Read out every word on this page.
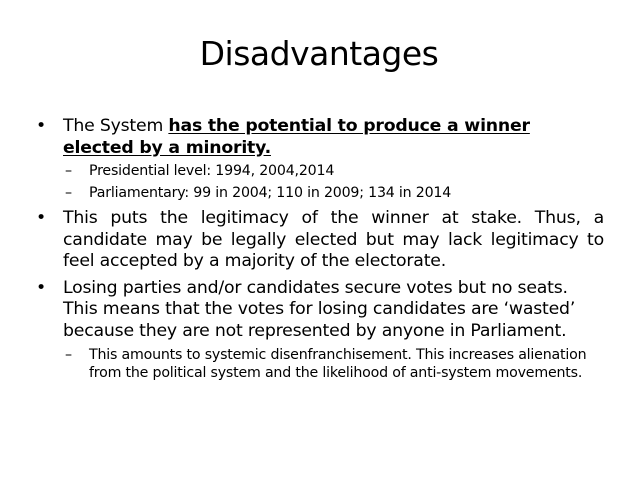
Disadvantages
• The System has the potential to produce a winner elected by a minority.
– Presidential level: 1994, 2004,2014
– Parliamentary: 99 in 2004; 110 in 2009; 134 in 2014
• This puts the legitimacy of the winner at stake. Thus, a candidate may be legally elected but may lack legitimacy to feel accepted by a majority of the electorate.
• Losing parties and/or candidates secure votes but no seats. This means that the votes for losing candidates are ‘wasted’ because they are not represented by anyone in Parliament.
– This amounts to systemic disenfranchisement. This increases alienation from the political system and the likelihood of anti-system movements.
